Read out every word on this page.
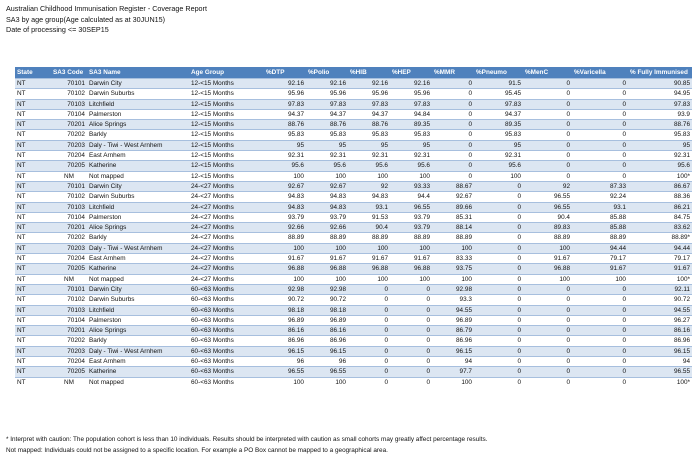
Australian Childhood Immunisation Register - Coverage Report
SA3 by age group(Age calculated as at 30JUN15)
Date of processing <= 30SEP15
State	SA3 Code	SA3 Name	Age Group	%DTP	%Polio	%HIB	%HEP	%MMR	%Pneumo	%MenC	%Varicella	% Fully Immunised
NT	70101	Darwin City	12-<15 Months	92.16	92.16	92.16	92.16	0	91.5	0	0	90.85
NT	70102	Darwin Suburbs	12-<15 Months	95.96	95.96	95.96	95.96	0	95.45	0	0	94.95
NT	70103	Litchfield	12-<15 Months	97.83	97.83	97.83	97.83	0	97.83	0	0	97.83
NT	70104	Palmerston	12-<15 Months	94.37	94.37	94.37	94.84	0	94.37	0	0	93.9
NT	70201	Alice Springs	12-<15 Months	88.76	88.76	88.76	89.35	0	89.35	0	0	88.76
NT	70202	Barkly	12-<15 Months	95.83	95.83	95.83	95.83	0	95.83	0	0	95.83
NT	70203	Daly - Tiwi - West Arnhem	12-<15 Months	95	95	95	95	0	95	0	0	95
NT	70204	East Arnhem	12-<15 Months	92.31	92.31	92.31	92.31	0	92.31	0	0	92.31
NT	70205	Katherine	12-<15 Months	95.6	95.6	95.6	95.6	0	95.6	0	0	95.6
NT	NM	Not mapped	12-<15 Months	100	100	100	100	0	100	0	0	100*
NT	70101	Darwin City	24-<27 Months	92.67	92.67	92	93.33	88.67	0	92	87.33	86.67
NT	70102	Darwin Suburbs	24-<27 Months	94.83	94.83	94.83	94.4	92.67	0	96.55	92.24	88.36
NT	70103	Litchfield	24-<27 Months	94.83	94.83	93.1	96.55	89.66	0	96.55	93.1	86.21
NT	70104	Palmerston	24-<27 Months	93.79	93.79	91.53	93.79	85.31	0	90.4	85.88	84.75
NT	70201	Alice Springs	24-<27 Months	92.66	92.66	90.4	93.79	88.14	0	89.83	85.88	83.62
NT	70202	Barkly	24-<27 Months	88.89	88.89	88.89	88.89	88.89	0	88.89	88.89	88.89*
NT	70203	Daly - Tiwi - West Arnhem	24-<27 Months	100	100	100	100	100	0	100	94.44	94.44
NT	70204	East Arnhem	24-<27 Months	91.67	91.67	91.67	91.67	83.33	0	91.67	79.17	79.17
NT	70205	Katherine	24-<27 Months	96.88	96.88	96.88	96.88	93.75	0	96.88	91.67	91.67
NT	NM	Not mapped	24-<27 Months	100	100	100	100	100	0	100	100	100*
NT	70101	Darwin City	60-<63 Months	92.98	92.98	0	0	92.98	0	0	0	92.11
NT	70102	Darwin Suburbs	60-<63 Months	90.72	90.72	0	0	93.3	0	0	0	90.72
NT	70103	Litchfield	60-<63 Months	98.18	98.18	0	0	94.55	0	0	0	94.55
NT	70104	Palmerston	60-<63 Months	96.89	96.89	0	0	96.89	0	0	0	96.27
NT	70201	Alice Springs	60-<63 Months	86.16	86.16	0	0	86.79	0	0	0	86.16
NT	70202	Barkly	60-<63 Months	86.96	86.96	0	0	86.96	0	0	0	86.96
NT	70203	Daly - Tiwi - West Arnhem	60-<63 Months	96.15	96.15	0	0	96.15	0	0	0	96.15
NT	70204	East Arnhem	60-<63 Months	96	96	0	0	94	0	0	0	94
NT	70205	Katherine	60-<63 Months	96.55	96.55	0	0	97.7	0	0	0	96.55
NT	NM	Not mapped	60-<63 Months	100	100	0	0	100	0	0	0	100*
* Interpret with caution: The population cohort is less than 10 individuals. Results should be interpreted with caution as small cohorts may greatly affect percentage results.
Not mapped: Individuals could not be assigned to a specific location. For example a PO Box cannot be mapped to a geographical area.
